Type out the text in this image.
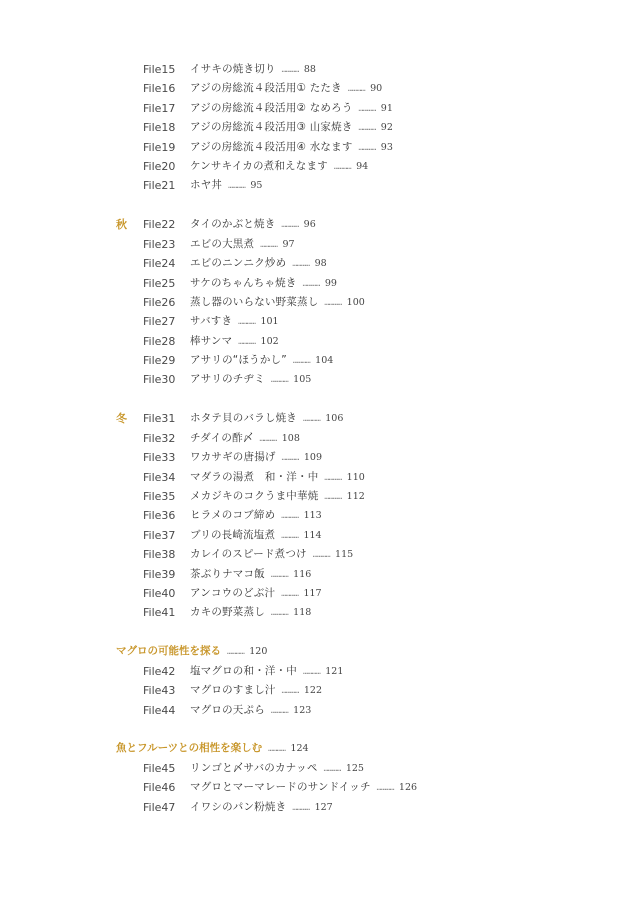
File15 イサキの焼き切り ………… 88
File16 アジの房総流４段活用① たたき ………… 90
File17 アジの房総流４段活用② なめろう ………… 91
File18 アジの房総流４段活用③ 山家焼き ………… 92
File19 アジの房総流４段活用④ 水なます ………… 93
File20 ケンサキイカの煮和えなます ………… 94
File21 ホヤ丼 ………… 95
秋 File22 タイのかぶと焼き ………… 96
File23 エビの大黒煮 ………… 97
File24 エビのニンニク炒め ………… 98
File25 サケのちゃんちゃ焼き ………… 99
File26 蒸し器のいらない野菜蒸し ………… 100
File27 サバすき ………… 101
File28 棒サンマ ………… 102
File29 アサリの“ほうかし” ………… 104
File30 アサリのチヂミ ………… 105
冬 File31 ホタテ貝のバラし焼き ………… 106
File32 チダイの酢〆 ………… 108
File33 ワカサギの唐揚げ ………… 109
File34 マダラの湯煮　和・洋・中 ………… 110
File35 メカジキのコクうま中華焼 ………… 112
File36 ヒラメのコブ締め ………… 113
File37 ブリの長崎流塩煮 ………… 114
File38 カレイのスピード煮つけ ………… 115
File39 茶ぶりナマコ飯 ………… 116
File40 アンコウのどぶ汁 ………… 117
File41 カキの野菜蒸し ………… 118
マグロの可能性を探る ………… 120
File42 塩マグロの和・洋・中 ………… 121
File43 マグロのすまし汁 ………… 122
File44 マグロの天ぷら ………… 123
魚とフルーツとの相性を楽しむ ………… 124
File45 リンゴと〆サバのカナッペ ………… 125
File46 マグロとマーマレードのサンドイッチ ………… 126
File47 イワシのパン粉焼き ………… 127
